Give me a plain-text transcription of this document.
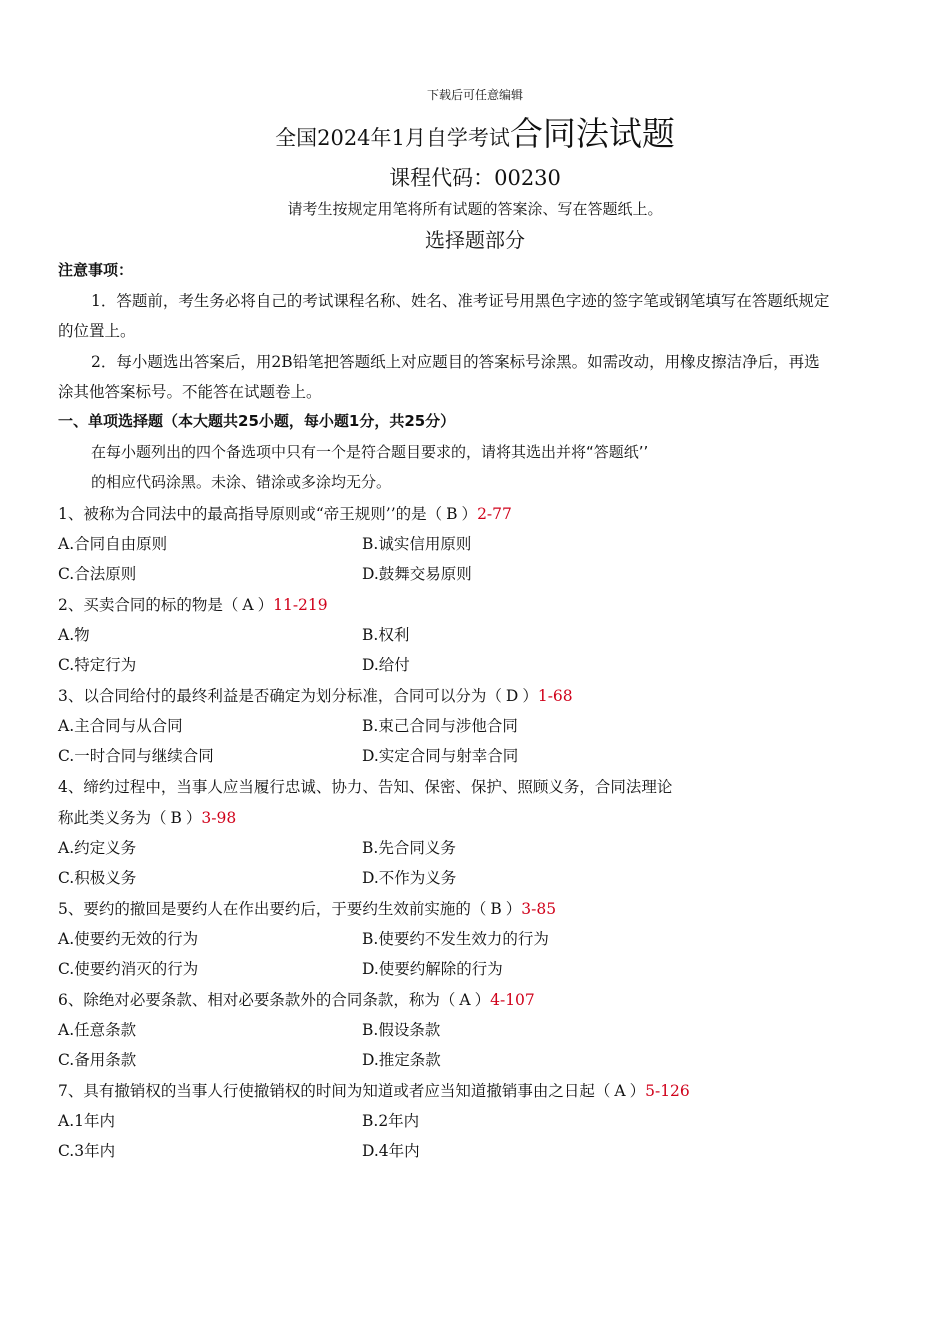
下载后可任意编辑
全国2024年1月自学考试合同法试题
课程代码：00230
请考生按规定用笔将所有试题的答案涂、写在答题纸上。
选择题部分
注意事项：
1．答题前，考生务必将自己的考试课程名称、姓名、准考证号用黑色字迹的签字笔或钢笔填写在答题纸规定
的位置上。
2．每小题选出答案后，用2B铅笔把答题纸上对应题目的答案标号涂黑。如需改动，用橡皮擦洁净后，再选
涂其他答案标号。不能答在试题卷上。
一、单项选择题（本大题共25小题，每小题1分，共25分）
在每小题列出的四个备选项中只有一个是符合题目要求的，请将其选出并将“答题纸’’
的相应代码涂黑。未涂、错涂或多涂均无分。
1、被称为合同法中的最高指导原则或“帝王规则’’的是（ B ）2-77
A.合同自由原则	B.诚实信用原则
C.合法原则	D.鼓舞交易原则
2、买卖合同的标的物是（ A ）11-219
A.物	B.权利
C.特定行为	D.给付
3、以合同给付的最终利益是否确定为划分标准，合同可以分为（ D ）1-68
A.主合同与从合同	B.束己合同与涉他合同
C.一时合同与继续合同	D.实定合同与射幸合同
4、缔约过程中，当事人应当履行忠诚、协力、告知、保密、保护、照顾义务，合同法理论
称此类义务为（ B ）3-98
A.约定义务	B.先合同义务
C.积极义务	D.不作为义务
5、要约的撤回是要约人在作出要约后，于要约生效前实施的（ B ）3-85
A.使要约无效的行为	B.使要约不发生效力的行为
C.使要约消灭的行为	D.使要约解除的行为
6、除绝对必要条款、相对必要条款外的合同条款，称为（ A ）4-107
A.任意条款	B.假设条款
C.备用条款	D.推定条款
7、具有撤销权的当事人行使撤销权的时间为知道或者应当知道撤销事由之日起（ A ）5-126
A.1年内	B.2年内
C.3年内	D.4年内
